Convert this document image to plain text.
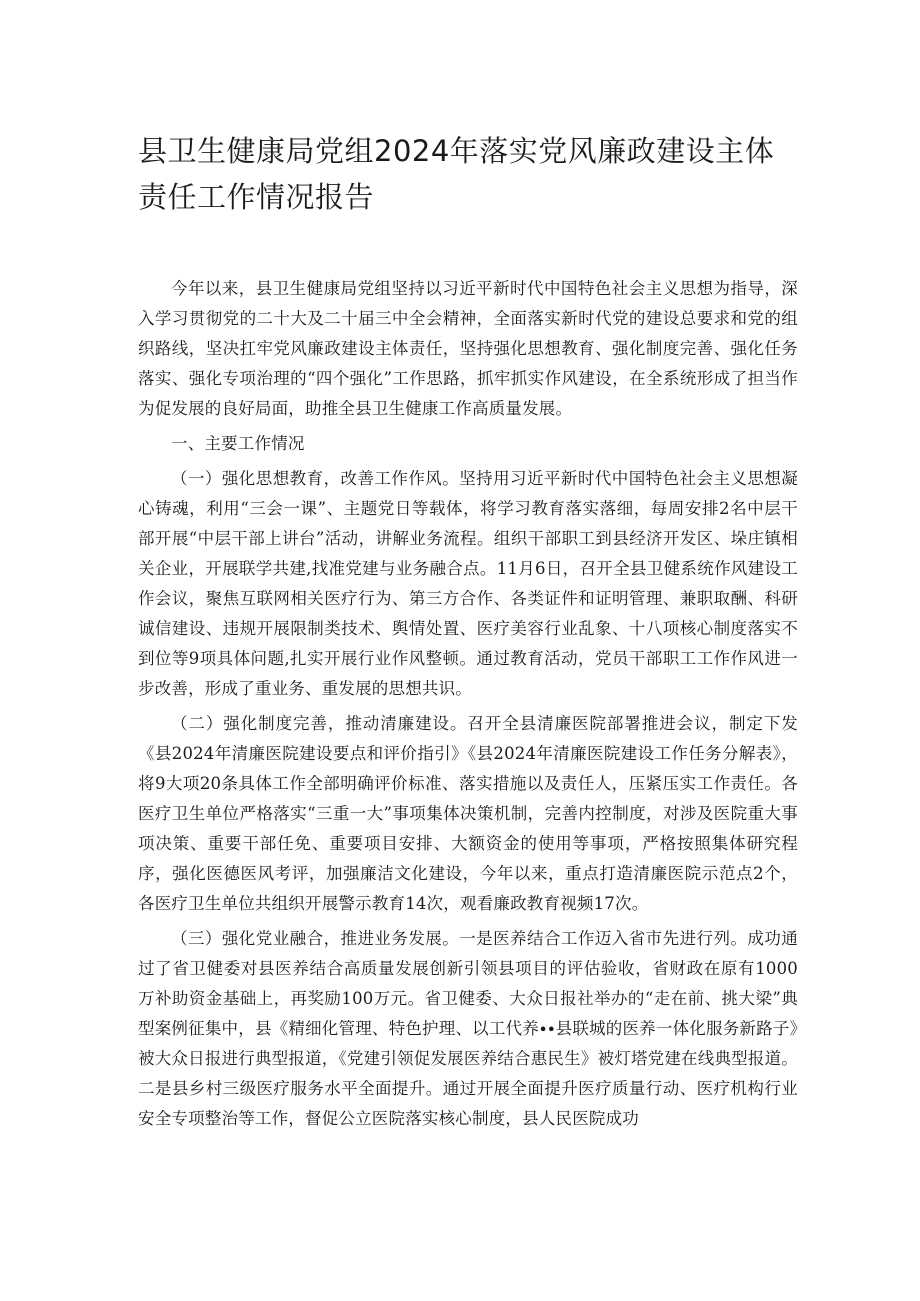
县卫生健康局党组2024年落实党风廉政建设主体责任工作情况报告

今年以来，县卫生健康局党组坚持以习近平新时代中国特色社会主义思想为指导，深入学习贯彻党的二十大及二十届三中全会精神，全面落实新时代党的建设总要求和党的组织路线，坚决扛牢党风廉政建设主体责任，坚持强化思想教育、强化制度完善、强化任务落实、强化专项治理的“四个强化”工作思路，抓牢抓实作风建设，在全系统形成了担当作为促发展的良好局面，助推全县卫生健康工作高质量发展。

一、主要工作情况

（一）强化思想教育，改善工作作风。坚持用习近平新时代中国特色社会主义思想凝心铸魂，利用“三会一课”、主题党日等载体，将学习教育落实落细，每周安排2名中层干部开展“中层干部上讲台”活动，讲解业务流程。组织干部职工到县经济开发区、垛庄镇相关企业，开展联学共建,找准党建与业务融合点。11月6日，召开全县卫健系统作风建设工作会议，聚焦互联网相关医疗行为、第三方合作、各类证件和证明管理、兼职取酬、科研诚信建设、违规开展限制类技术、舆情处置、医疗美容行业乱象、十八项核心制度落实不到位等9项具体问题,扎实开展行业作风整顿。通过教育活动，党员干部职工工作作风进一步改善，形成了重业务、重发展的思想共识。

（二）强化制度完善，推动清廉建设。召开全县清廉医院部署推进会议，制定下发《县2024年清廉医院建设要点和评价指引》《县2024年清廉医院建设工作任务分解表》，将9大项20条具体工作全部明确评价标准、落实措施以及责任人，压紧压实工作责任。各医疗卫生单位严格落实“三重一大”事项集体决策机制，完善内控制度，对涉及医院重大事项决策、重要干部任免、重要项目安排、大额资金的使用等事项，严格按照集体研究程序，强化医德医风考评，加强廉洁文化建设，今年以来，重点打造清廉医院示范点2个，各医疗卫生单位共组织开展警示教育14次，观看廉政教育视频17次。

（三）强化党业融合，推进业务发展。一是医养结合工作迈入省市先进行列。成功通过了省卫健委对县医养结合高质量发展创新引领县项目的评估验收，省财政在原有1000万补助资金基础上，再奖励100万元。省卫健委、大众日报社举办的“走在前、挑大梁”典型案例征集中，县《精细化管理、特色护理、以工代养∙∙县联城的医养一体化服务新路子》被大众日报进行典型报道，《党建引领促发展医养结合惠民生》被灯塔党建在线典型报道。二是县乡村三级医疗服务水平全面提升。通过开展全面提升医疗质量行动、医疗机构行业安全专项整治等工作，督促公立医院落实核心制度，县人民医院成功
